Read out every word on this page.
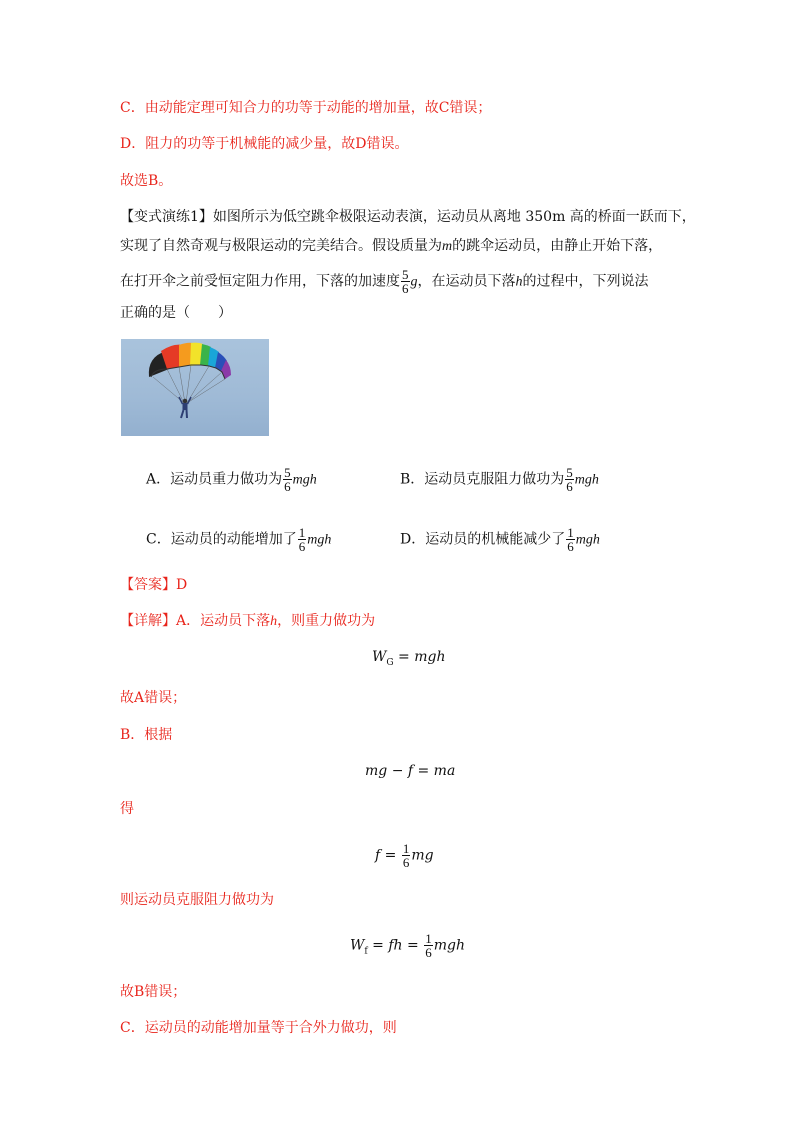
C．由动能定理可知合力的功等于动能的增加量，故C错误；
D．阻力的功等于机械能的减少量，故D错误。
故选B。
【变式演练1】如图所示为低空跳伞极限运动表演，运动员从离地 350m 高的桥面一跃而下，
实现了自然奇观与极限运动的完美结合。假设质量为m的跳伞运动员，由静止开始下落，
在打开伞之前受恒定阻力作用，下落的加速度 $\frac{5}{6}$ g，在运动员下落h的过程中，下列说法
正确的是（　　）
A．运动员重力做功为 $\frac{5}{6}$ mgh	B．运动员克服阻力做功为 $\frac{5}{6}$ mgh
C．运动员的动能增加了 $\frac{1}{6}$ mgh	D．运动员的机械能减少了 $\frac{1}{6}$ mgh
【答案】D
【详解】A．运动员下落h，则重力做功为
$W_G$ = mgh
故A错误；
B．根据
mg − f = ma
得
$f = \frac{1}{6}$ mg
则运动员克服阻力做功为
$W_f$ = fh = $\frac{1}{6}$ mgh
故B错误；
C．运动员的动能增加量等于合外力做功，则
